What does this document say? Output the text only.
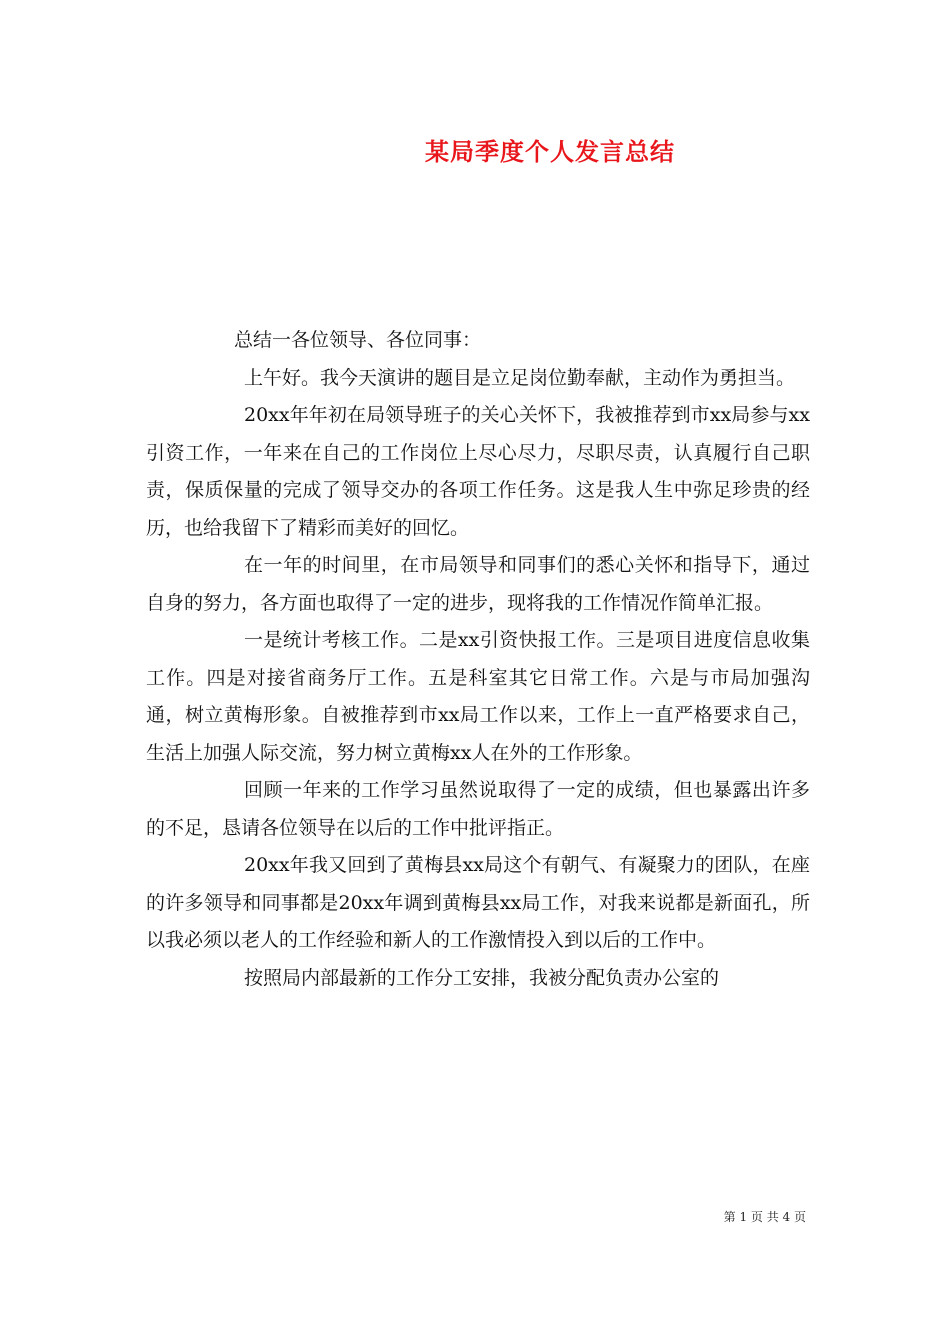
某局季度个人发言总结

总结一各位领导、各位同事：

上午好。我今天演讲的题目是立足岗位勤奉献，主动作为勇担当。

20xx年年初在局领导班子的关心关怀下，我被推荐到市xx局参与xx引资工作，一年来在自己的工作岗位上尽心尽力，尽职尽责，认真履行自己职责，保质保量的完成了领导交办的各项工作任务。这是我人生中弥足珍贵的经历，也给我留下了精彩而美好的回忆。

在一年的时间里，在市局领导和同事们的悉心关怀和指导下，通过自身的努力，各方面也取得了一定的进步，现将我的工作情况作简单汇报。

一是统计考核工作。二是xx引资快报工作。三是项目进度信息收集工作。四是对接省商务厅工作。五是科室其它日常工作。六是与市局加强沟通，树立黄梅形象。自被推荐到市xx局工作以来，工作上一直严格要求自己，生活上加强人际交流，努力树立黄梅xx人在外的工作形象。

回顾一年来的工作学习虽然说取得了一定的成绩，但也暴露出许多的不足，恳请各位领导在以后的工作中批评指正。

20xx年我又回到了黄梅县xx局这个有朝气、有凝聚力的团队，在座的许多领导和同事都是20xx年调到黄梅县xx局工作，对我来说都是新面孔，所以我必须以老人的工作经验和新人的工作激情投入到以后的工作中。

按照局内部最新的工作分工安排，我被分配负责办公室的

第 1 页 共 4 页
